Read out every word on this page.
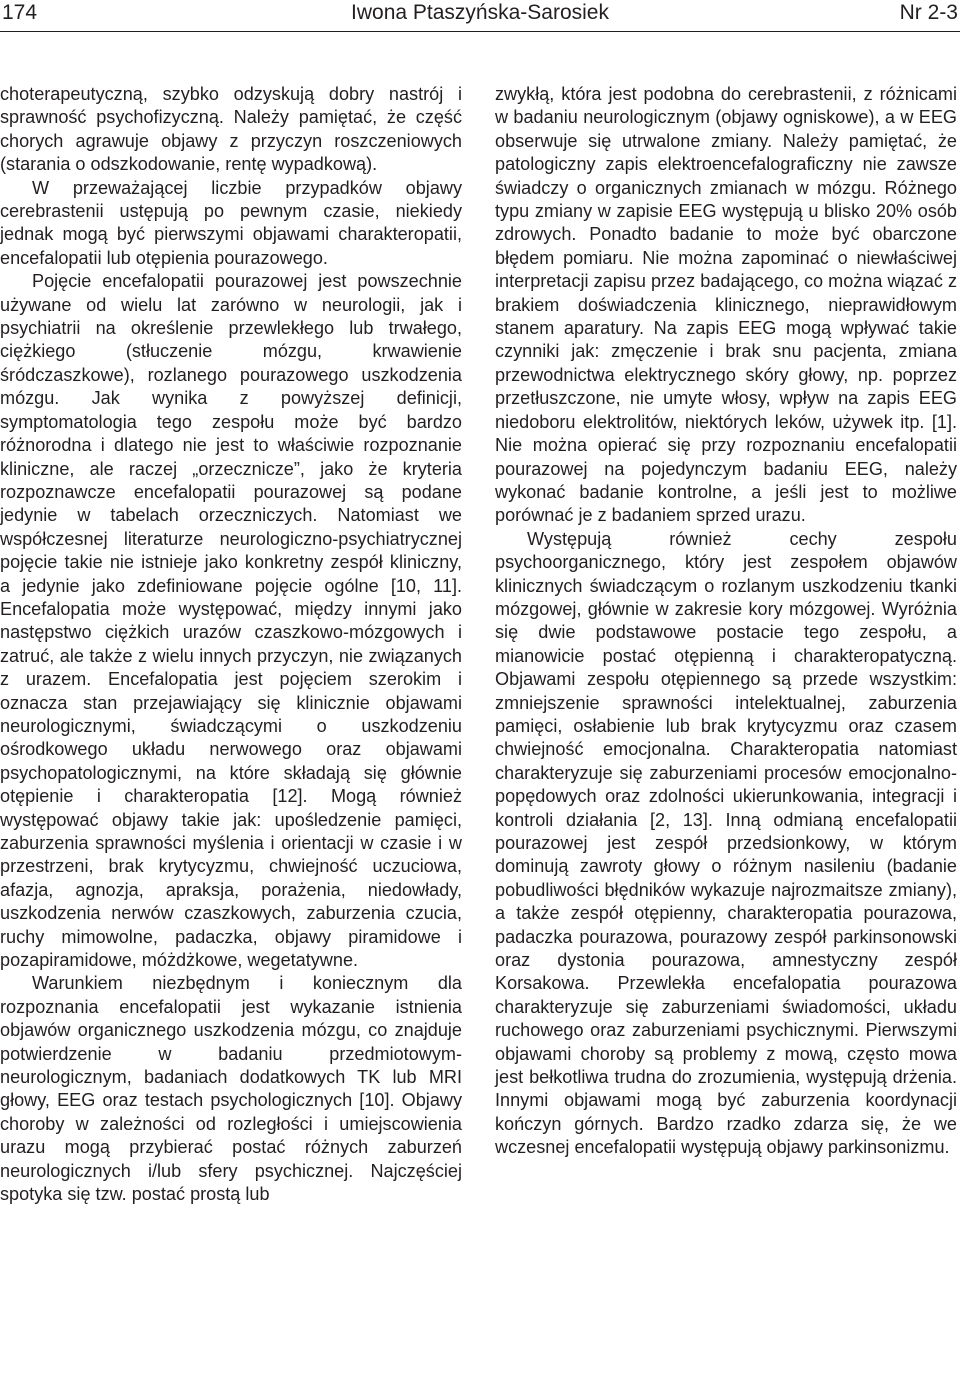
174	Iwona Ptaszyńska-Sarosiek	Nr 2-3

choterapeutyczną, szybko odzyskują dobry nastrój i sprawność psychofizyczną. Należy pamiętać, że część chorych agrawuje objawy z przyczyn roszczeniowych (starania o odszkodowanie, rentę wypadkową).

W przeważającej liczbie przypadków objawy cerebrastenii ustępują po pewnym czasie, niekiedy jednak mogą być pierwszymi objawami charakteropatii, encefalopatii lub otępienia pourazowego.

Pojęcie encefalopatii pourazowej jest powszechnie używane od wielu lat zarówno w neurologii, jak i psychiatrii na określenie przewlekłego lub trwałego, ciężkiego (stłuczenie mózgu, krwawienie śródczaszkowe), rozlanego pourazowego uszkodzenia mózgu. Jak wynika z powyższej definicji, symptomatologia tego zespołu może być bardzo różnorodna i dlatego nie jest to właściwie rozpoznanie kliniczne, ale raczej „orzecznicze”, jako że kryteria rozpoznawcze encefalopatii pourazowej są podane jedynie w tabelach orzeczniczych. Natomiast we współczesnej literaturze neurologiczno-psychiatrycznej pojęcie takie nie istnieje jako konkretny zespół kliniczny, a jedynie jako zdefiniowane pojęcie ogólne [10, 11]. Encefalopatia może występować, między innymi jako następstwo ciężkich urazów czaszkowo-mózgowych i zatruć, ale także z wielu innych przyczyn, nie związanych z urazem. Encefalopatia jest pojęciem szerokim i oznacza stan przejawiający się klinicznie objawami neurologicznymi, świadczącymi o uszkodzeniu ośrodkowego układu nerwowego oraz objawami psychopatologicznymi, na które składają się głównie otępienie i charakteropatia [12]. Mogą również występować objawy takie jak: upośledzenie pamięci, zaburzenia sprawności myślenia i orientacji w czasie i w przestrzeni, brak krytycyzmu, chwiejność uczuciowa, afazja, agnozja, apraksja, porażenia, niedowłady, uszkodzenia nerwów czaszkowych, zaburzenia czucia, ruchy mimowolne, padaczka, objawy piramidowe i pozapiramidowe, móżdżkowe, wegetatywne.

Warunkiem niezbędnym i koniecznym dla rozpoznania encefalopatii jest wykazanie istnienia objawów organicznego uszkodzenia mózgu, co znajduje potwierdzenie w badaniu przedmiotowym-neurologicznym, badaniach dodatkowych TK lub MRI głowy, EEG oraz testach psychologicznych [10]. Objawy choroby w zależności od rozległości i umiejscowienia urazu mogą przybierać postać różnych zaburzeń neurologicznych i/lub sfery psychicznej. Najczęściej spotyka się tzw. postać prostą lub

zwykłą, która jest podobna do cerebrastenii, z różnicami w badaniu neurologicznym (objawy ogniskowe), a w EEG obserwuje się utrwalone zmiany. Należy pamiętać, że patologiczny zapis elektroencefalograficzny nie zawsze świadczy o organicznych zmianach w mózgu. Różnego typu zmiany w zapisie EEG występują u blisko 20% osób zdrowych. Ponadto badanie to może być obarczone błędem pomiaru. Nie można zapominać o niewłaściwej interpretacji zapisu przez badającego, co można wiązać z brakiem doświadczenia klinicznego, nieprawidłowym stanem aparatury. Na zapis EEG mogą wpływać takie czynniki jak: zmęczenie i brak snu pacjenta, zmiana przewodnictwa elektrycznego skóry głowy, np. poprzez przetłuszczone, nie umyte włosy, wpływ na zapis EEG niedoboru elektrolitów, niektórych leków, używek itp. [1]. Nie można opierać się przy rozpoznaniu encefalopatii pourazowej na pojedynczym badaniu EEG, należy wykonać badanie kontrolne, a jeśli jest to możliwe porównać je z badaniem sprzed urazu.

Występują również cechy zespołu psychoorganicznego, który jest zespołem objawów klinicznych świadczącym o rozlanym uszkodzeniu tkanki mózgowej, głównie w zakresie kory mózgowej. Wyróżnia się dwie podstawowe postacie tego zespołu, a mianowicie postać otępienną i charakteropatyczną. Objawami zespołu otępiennego są przede wszystkim: zmniejszenie sprawności intelektualnej, zaburzenia pamięci, osłabienie lub brak krytycyzmu oraz czasem chwiejność emocjonalna. Charakteropatia natomiast charakteryzuje się zaburzeniami procesów emocjonalno-popędowych oraz zdolności ukierunkowania, integracji i kontroli działania [2, 13]. Inną odmianą encefalopatii pourazowej jest zespół przedsionkowy, w którym dominują zawroty głowy o różnym nasileniu (badanie pobudliwości błędników wykazuje najrozmaitsze zmiany), a także zespół otępienny, charakteropatia pourazowa, padaczka pourazowa, pourazowy zespół parkinsonowski oraz dystonia pourazowa, amnestyczny zespół Korsakowa. Przewlekła encefalopatia pourazowa charakteryzuje się zaburzeniami świadomości, układu ruchowego oraz zaburzeniami psychicznymi. Pierwszymi objawami choroby są problemy z mową, często mowa jest bełkotliwa trudna do zrozumienia, występują drżenia. Innymi objawami mogą być zaburzenia koordynacji kończyn górnych. Bardzo rzadko zdarza się, że we wczesnej encefalopatii występują objawy parkinsonizmu.
